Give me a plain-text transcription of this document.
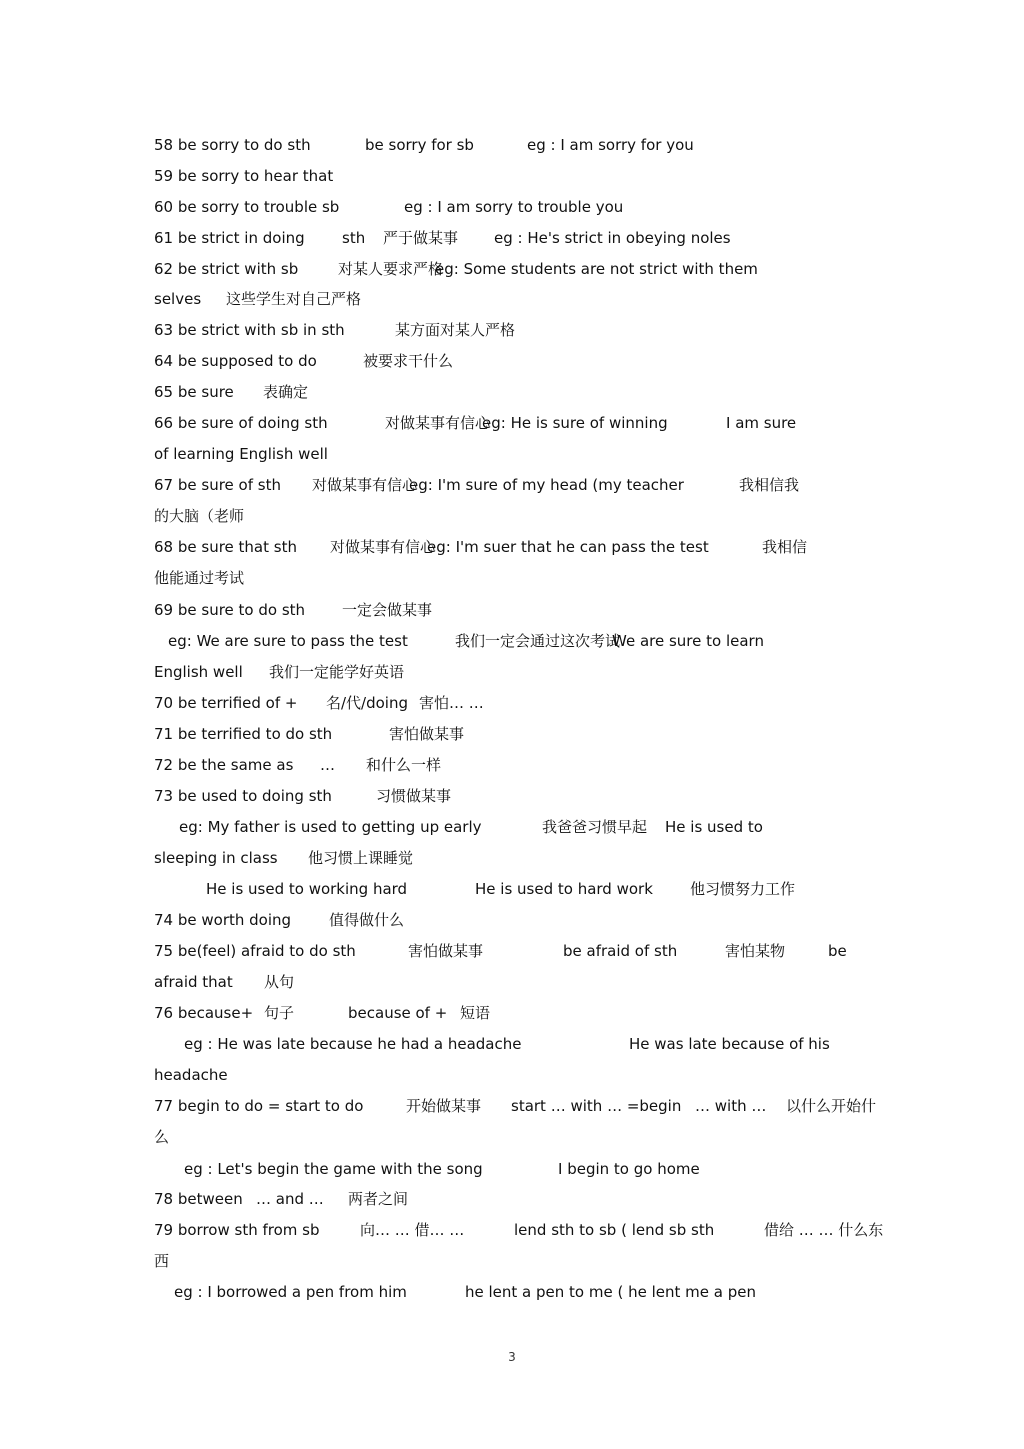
58 be sorry to do sth	be sorry for sb	eg : I am sorry for you
59 be sorry to hear that
60 be sorry to trouble sb	eg : I am sorry to trouble you
61 be strict in doing sth 严于做某事 eg : He's strict in obeying noles
62 be strict with sb	对某人要求严格
eg: Some students are not strict with them
selves 这些学生对自己严格
63 be strict with sb in sth	某方面对某人严格
64 be supposed to do	被要求干什么
65 be sure 表确定
66 be sure of doing sth	对做某事有信心
eg: He is sure of winning	I am sure
of learning English well
67 be sure of sth 对做某事有信心
eg: I'm sure of my head (my teacher	我相信我
的大脑（老师
68 be sure that sth 对做某事有信心
eg: I'm suer that he can pass the test	我相信
他能通过考试
69 be sure to do sth 一定会做某事
eg: We are sure to pass the test	我们一定会通过这次考试
We are sure to learn
English well 我们一定能学好英语
70 be terrified of + 名/代/doing 害怕… …
71 be terrified to do sth	害怕做某事
72 be the same as … 和什么一样
73 be used to doing sth	习惯做某事
eg: My father is used to getting up early	我爸爸习惯早起 He is used to
sleeping in class 他习惯上课睡觉
He is used to working hard	He is used to hard work 他习惯努力工作
74 be worth doing	值得做什么
75 be(feel) afraid to do sth	害怕做某事	be afraid of sth	害怕某物	be
afraid that 从句
76 because+ 句子	because of + 短语
eg : He was late because he had a headache	He was late because of his
headache
77 begin to do = start to do	开始做某事 start … with … =begin … with … 以什么开始什
么
eg : Let's begin the game with the song	I begin to go home
78 between … and … 两者之间
79 borrow sth from sb	向… … 借… …	lend sth to sb ( lend sb sth	借给 … … 什么东
西
eg : I borrowed a pen from him	he lent a pen to me ( he lent me a pen
3
